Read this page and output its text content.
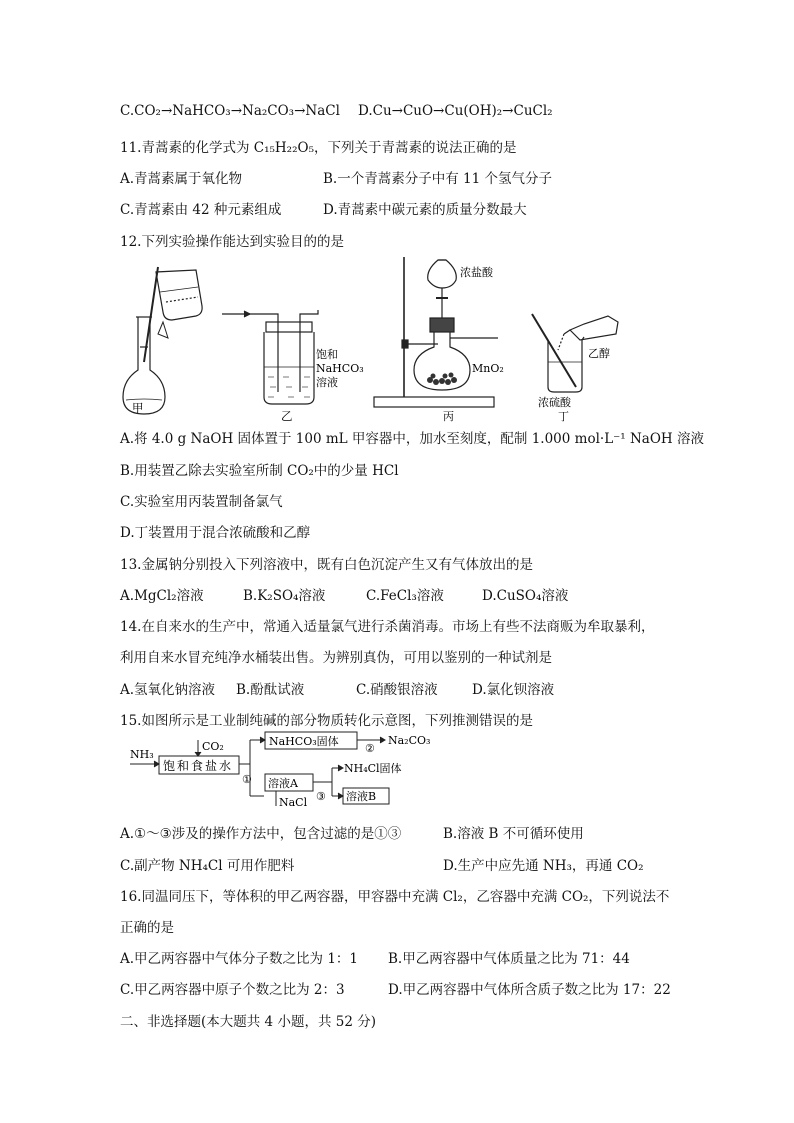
C.CO₂→NaHCO₃→Na₂CO₃→NaCl D.Cu→CuO→Cu(OH)₂→CuCl₂
11.青蒿素的化学式为 C₁₅H₂₂O₅，下列关于青蒿素的说法正确的是
A.青蒿素属于氧化物	B.一个青蒿素分子中有 11 个氢气分子
C.青蒿素由 42 种元素组成	D.青蒿素中碳元素的质量分数最大
12.下列实验操作能达到实验目的的是
甲
乙
饱和
NaHCO₃
溶液
浓盐酸
MnO₂
丙
乙醇
浓硫酸
丁
A.将 4.0 g NaOH 固体置于 100 mL 甲容器中，加水至刻度，配制 1.000 mol·L⁻¹ NaOH 溶液
B.用装置乙除去实验室所制 CO₂中的少量 HCl
C.实验室用丙装置制备氯气
D.丁装置用于混合浓硫酸和乙醇
13.金属钠分别投入下列溶液中，既有白色沉淀产生又有气体放出的是
A.MgCl₂溶液	B.K₂SO₄溶液	C.FeCl₃溶液	D.CuSO₄溶液
14.在自来水的生产中，常通入适量氯气进行杀菌消毒。市场上有些不法商贩为牟取暴利，
利用自来水冒充纯净水桶装出售。为辨别真伪，可用以鉴别的一种试剂是
A.氢氧化钠溶液 B.酚酞试液	C.硝酸银溶液	D.氯化钡溶液
15.如图所示是工业制纯碱的部分物质转化示意图，下列推测错误的是
NH₃
CO₂
饱和食盐水
①
NaHCO₃固体
②
Na₂CO₃
溶液A
NaCl ③
NH₄Cl固体
溶液B
A.①～③涉及的操作方法中，包含过滤的是①③	B.溶液 B 不可循环使用
C.副产物 NH₄Cl 可用作肥料	D.生产中应先通 NH₃，再通 CO₂
16.同温同压下，等体积的甲乙两容器，甲容器中充满 Cl₂，乙容器中充满 CO₂，下列说法不
正确的是
A.甲乙两容器中气体分子数之比为 1：1 B.甲乙两容器中气体质量之比为 71：44
C.甲乙两容器中原子个数之比为 2：3	D.甲乙两容器中气体所含质子数之比为 17：22
二、非选择题(本大题共 4 小题，共 52 分)
